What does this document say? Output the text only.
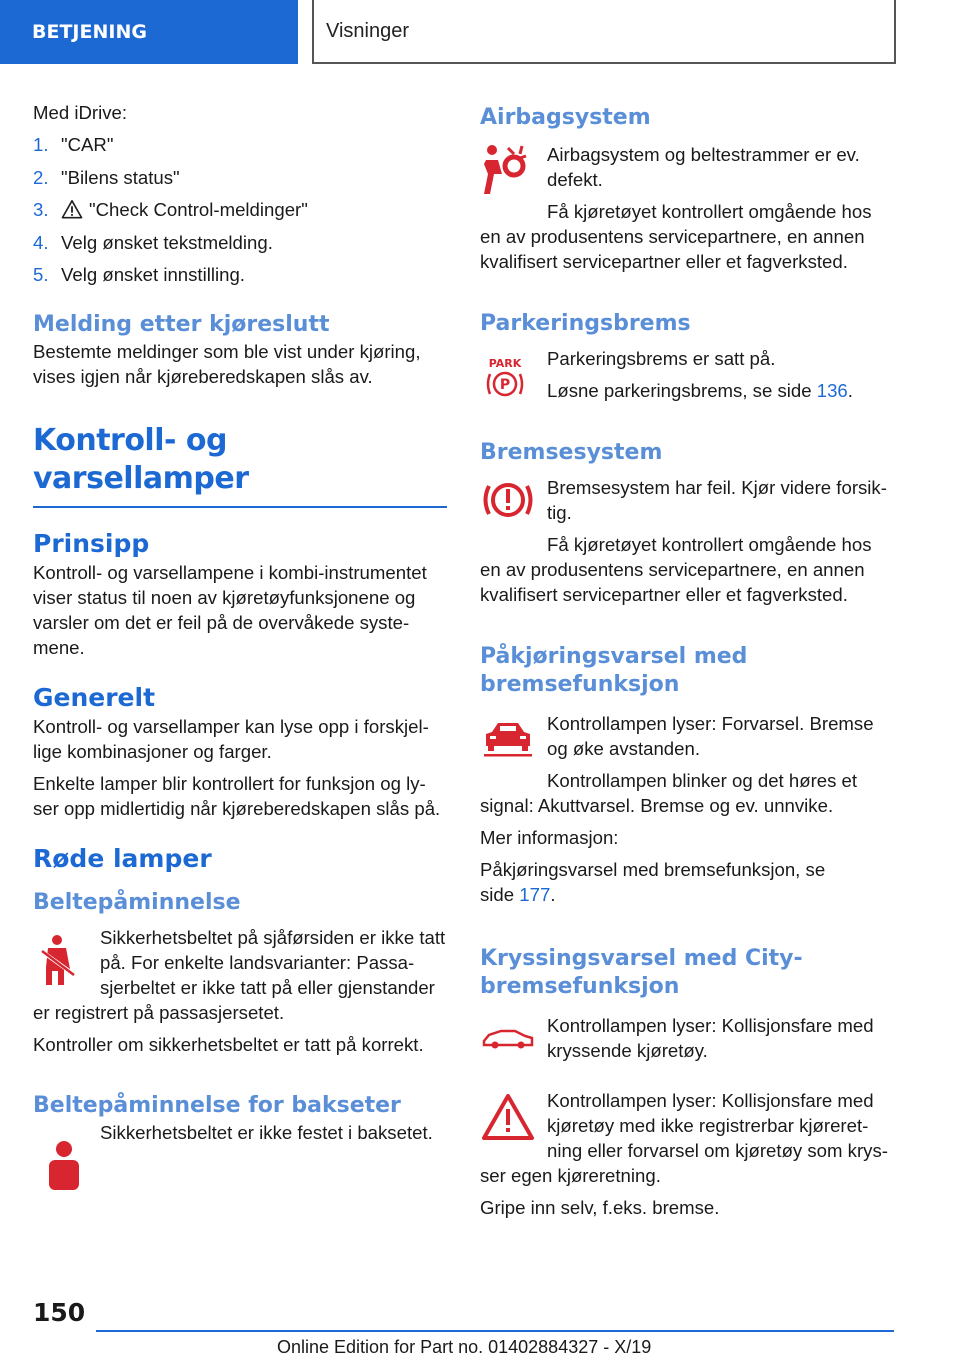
BETJENING	Visninger

Med iDrive:

1. "CAR"
2. "Bilens status"
3.	"Check Control-meldinger"
4. Velg ønsket tekstmelding.
5. Velg ønsket innstilling.
Melding etter kjøreslutt

Bestemte meldinger som ble vist under kjøring, vises igjen når kjøreberedskapen slås av.

Kontroll- og varsellamper
Prinsipp

Kontroll- og varsellampene i kombi-instrumentet viser status til noen av kjøretøyfunksjonene og varsler om det er feil på de overvåkede syste-mene.

Generelt

Kontroll- og varsellamper kan lyse opp i forskjel-lige kombinasjoner og farger.

Enkelte lamper blir kontrollert for funksjon og ly-ser opp midlertidig når kjøreberedskapen slås på.

Røde lamper
Beltepåminnelse

Sikkerhetsbeltet på sjåførsiden er ikke tatt på. For enkelte landsvarianter: Passa-sjerbeltet er ikke tatt på eller gjenstander

er registrert på passasjersetet.

Kontroller om sikkerhetsbeltet er tatt på korrekt.

Beltepåminnelse for bakseter

Sikkerhetsbeltet er ikke festet i baksetet.

Airbagsystem

Airbagsystem og beltestrammer er ev. defekt.

Få kjøretøyet kontrollert omgående hos

en av produsentens servicepartnere, en annen kvalifisert servicepartner eller et fagverksted.

Parkeringsbrems
PARK
P

Parkeringsbrems er satt på.

Løsne parkeringsbrems, se side 136.

Bremsesystem

Bremsesystem har feil. Kjør videre forsik-tig.

Få kjøretøyet kontrollert omgående hos

en av produsentens servicepartnere, en annen kvalifisert servicepartner eller et fagverksted.

Påkjøringsvarsel med bremsefunksjon

Kontrollampen lyser: Forvarsel. Bremse og øke avstanden.

Kontrollampen blinker og det høres et

signal: Akuttvarsel. Bremse og ev. unnvike.

Mer informasjon:

Påkjøringsvarsel med bremsefunksjon, se side 177.

Kryssingsvarsel med City-bremsefunksjon

Kontrollampen lyser: Kollisjonsfare med kryssende kjøretøy.

Kontrollampen lyser: Kollisjonsfare med kjøretøy med ikke registrerbar kjøreret-ning eller forvarsel om kjøretøy som krys-

ser egen kjøreretning.

Gripe inn selv, f.eks. bremse.

150
Online Edition for Part no. 01402884327 - X/19
